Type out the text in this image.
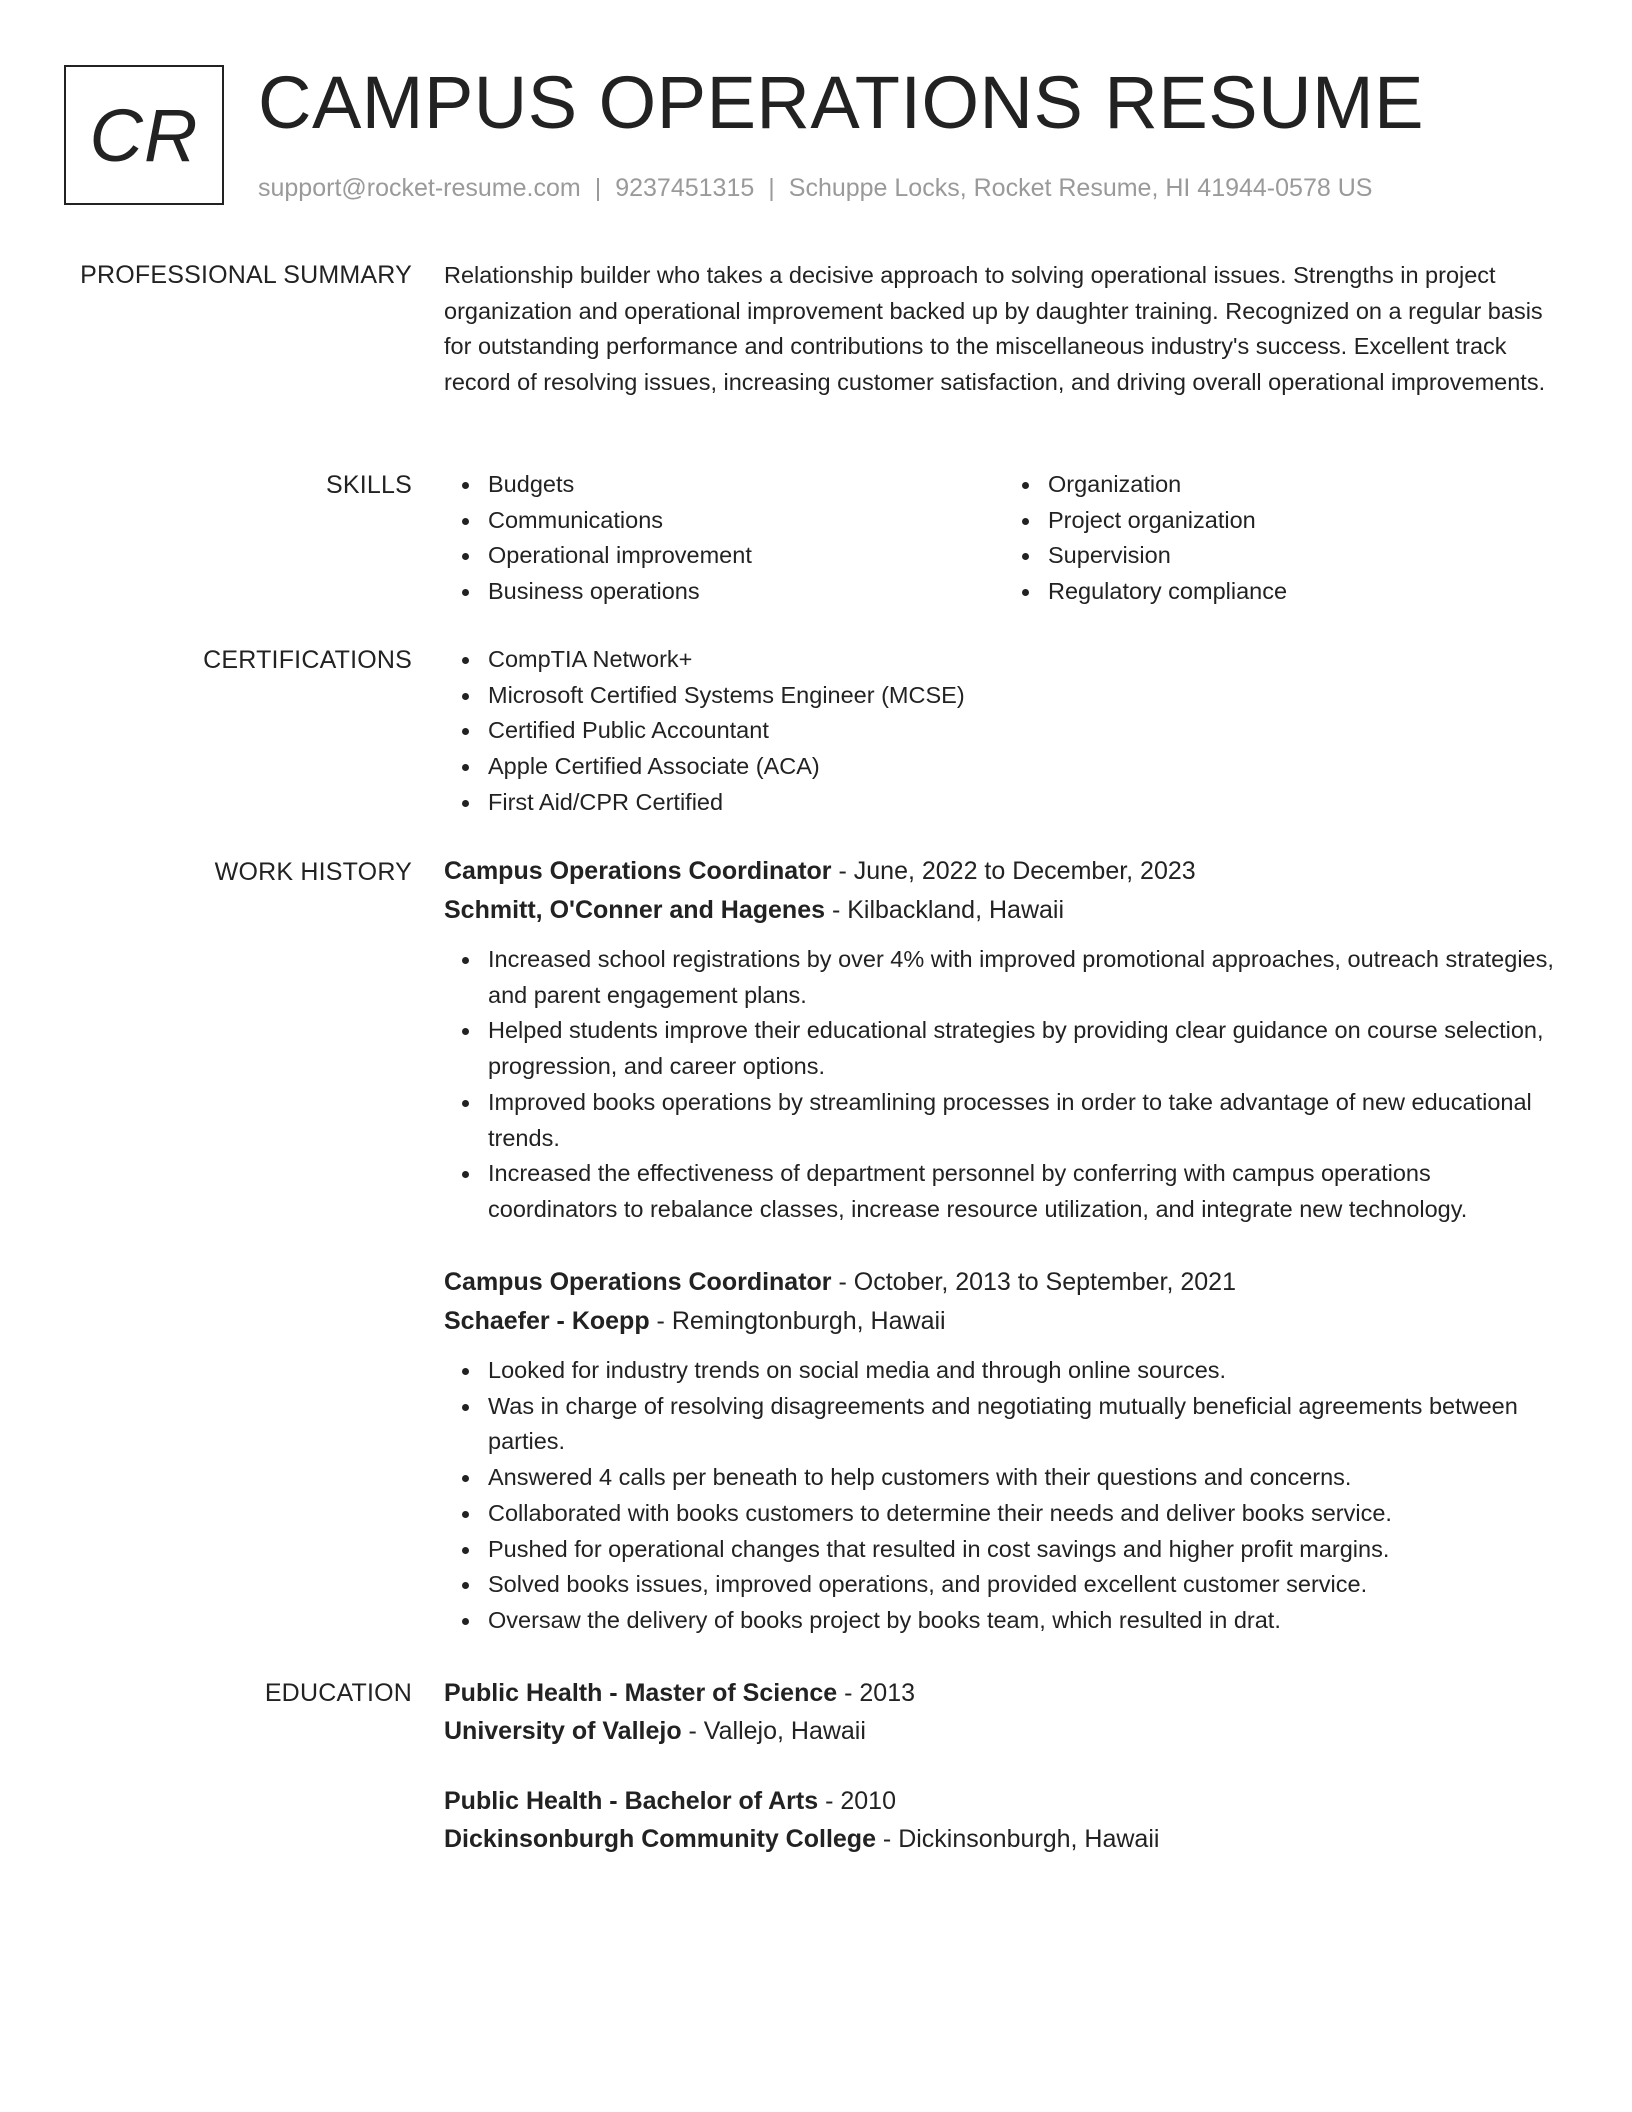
CR CAMPUS OPERATIONS RESUME
support@rocket-resume.com | 9237451315 | Schuppe Locks, Rocket Resume, HI 41944-0578 US
PROFESSIONAL SUMMARY Relationship builder who takes a decisive approach to solving operational issues. Strengths in project organization and operational improvement backed up by daughter training. Recognized on a regular basis for outstanding performance and contributions to the miscellaneous industry's success. Excellent track record of resolving issues, increasing customer satisfaction, and driving overall operational improvements.

SKILLS	Budgets
Communications
Operational improvement
Business operations
Organization
Project organization
Supervision
Regulatory compliance
CERTIFICATIONS	CompTIA Network+
Microsoft Certified Systems Engineer (MCSE)
Certified Public Accountant
Apple Certified Associate (ACA)
First Aid/CPR Certified
WORK HISTORY Campus Operations Coordinator - June, 2022 to December, 2023
Schmitt, O'Conner and Hagenes - Kilbackland, Hawaii
Increased school registrations by over 4% with improved promotional approaches, outreach strategies, and parent engagement plans.
Helped students improve their educational strategies by providing clear guidance on course selection, progression, and career options.
Improved books operations by streamlining processes in order to take advantage of new educational trends.
Increased the effectiveness of department personnel by conferring with campus operations coordinators to rebalance classes, increase resource utilization, and integrate new technology.
Campus Operations Coordinator - October, 2013 to September, 2021
Schaefer - Koepp - Remingtonburgh, Hawaii
Looked for industry trends on social media and through online sources.
Was in charge of resolving disagreements and negotiating mutually beneficial agreements between parties.
Answered 4 calls per beneath to help customers with their questions and concerns.
Collaborated with books customers to determine their needs and deliver books service.
Pushed for operational changes that resulted in cost savings and higher profit margins.
Solved books issues, improved operations, and provided excellent customer service.
Oversaw the delivery of books project by books team, which resulted in drat.
EDUCATION Public Health - Master of Science - 2013
University of Vallejo - Vallejo, Hawaii
Public Health - Bachelor of Arts - 2010
Dickinsonburgh Community College - Dickinsonburgh, Hawaii
